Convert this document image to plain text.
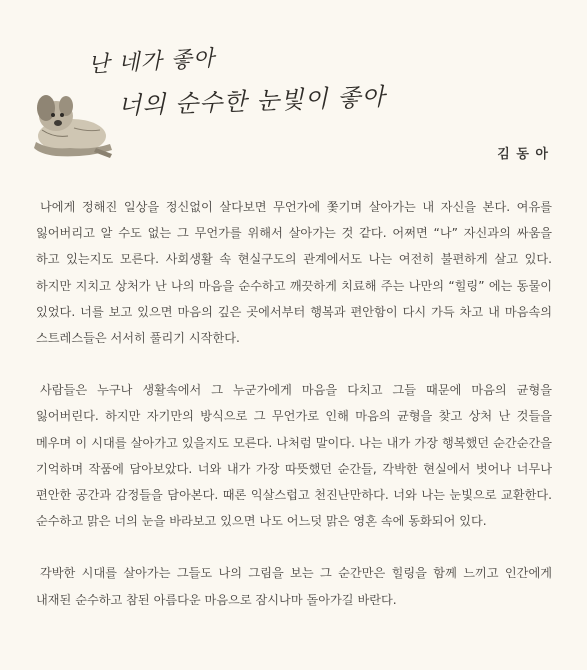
난 네가 좋아
너의 순수한 눈빛이 좋아
김 동 아

나에게 정해진 일상을 정신없이 살다보면 무언가에 쫓기며 살아가는 내 자신을 본다. 여유를 잃어버리고 알 수도 없는 그 무언가를 위해서 살아가는 것 같다. 어쩌면 “나” 자신과의 싸움을 하고 있는지도 모른다. 사회생활 속 현실구도의 관계에서도 나는 여전히 불편하게 살고 있다. 하지만 지치고 상처가 난 나의 마음을 순수하고 깨끗하게 치료해 주는 나만의 “힐링” 에는 동물이 있었다. 너를 보고 있으면 마음의 깊은 곳에서부터 행복과 편안함이 다시 가득 차고 내 마음속의 스트레스들은 서서히 풀리기 시작한다.

사람들은 누구나 생활속에서 그 누군가에게 마음을 다치고 그들 때문에 마음의 균형을 잃어버린다. 하지만 자기만의 방식으로 그 무언가로 인해 마음의 균형을 찾고 상처 난 것들을 메우며 이 시대를 살아가고 있을지도 모른다. 나처럼 말이다. 나는 내가 가장 행복했던 순간순간을 기억하며 작품에 담아보았다. 너와 내가 가장 따뜻했던 순간들, 각박한 현실에서 벗어나 너무나 편안한 공간과 감정들을 담아본다. 때론 익살스럽고 천진난만하다. 너와 나는 눈빛으로 교환한다. 순수하고 맑은 너의 눈을 바라보고 있으면 나도 어느덧 맑은 영혼 속에 동화되어 있다.

각박한 시대를 살아가는 그들도 나의 그림을 보는 그 순간만은 힐링을 함께 느끼고 인간에게 내재된 순수하고 참된 아름다운 마음으로 잠시나마 돌아가길 바란다.
